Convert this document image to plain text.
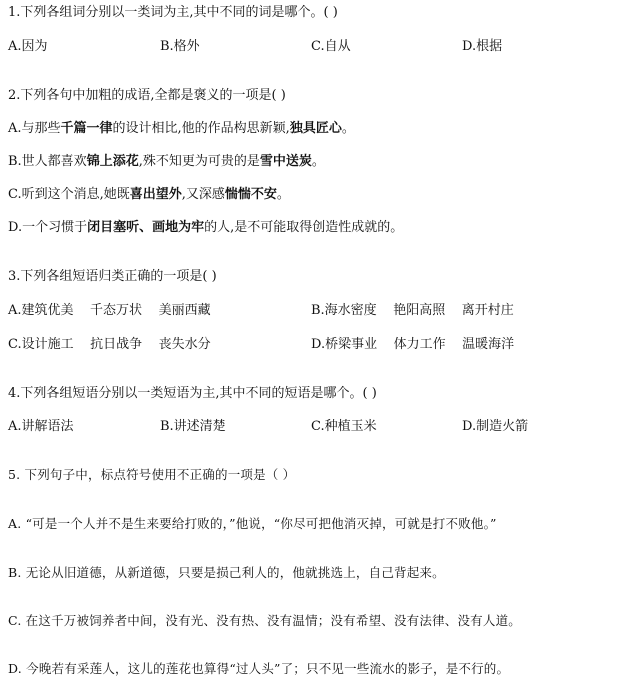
1.下列各组词分别以一类词为主,其中不同的词是哪个。( )
A.因为	B.格外	C.自从	D.根据
2.下列各句中加粗的成语,全都是褒义的一项是( )
A.与那些千篇一律的设计相比,他的作品构思新颖,独具匠心。
B.世人都喜欢锦上添花,殊不知更为可贵的是雪中送炭。
C.听到这个消息,她既喜出望外,又深感惴惴不安。
D.一个习惯于闭目塞听、画地为牢的人,是不可能取得创造性成就的。
3.下列各组短语归类正确的一项是( )
A.建筑优美    千态万状    美丽西藏	B.海水密度    艳阳高照    离开村庄
C.设计施工    抗日战争    丧失水分	D.桥梁事业    体力工作    温暖海洋
4.下列各组短语分别以一类短语为主,其中不同的短语是哪个。( )
A.讲解语法	B.讲述清楚	C.种植玉米	D.制造火箭
5. 下列句子中，标点符号使用不正确的一项是（ ）
A. “可是一个人并不是生来要给打败的，”他说，“你尽可把他消灭掉，可就是打不败他。”
B. 无论从旧道德，从新道德，只要是损己利人的，他就挑选上，自己背起来。
C. 在这千万被饲养者中间，没有光、没有热、没有温情；没有希望、没有法律、没有人道。
D. 今晚若有采莲人，这儿的莲花也算得“过人头”了；只不见一些流水的影子，是不行的。
